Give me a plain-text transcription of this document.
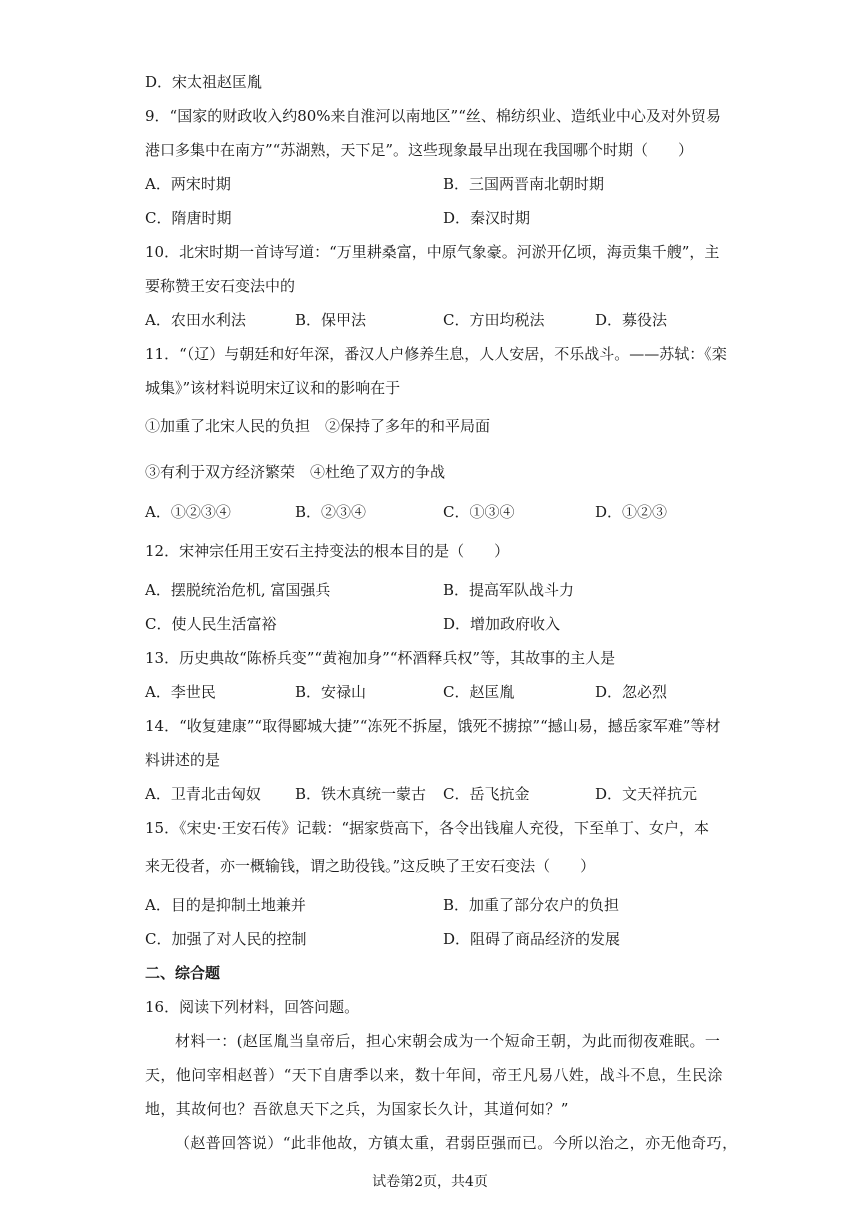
D．宋太祖赵匡胤
9．“国家的财政收入约80%来自淮河以南地区”“丝、棉纺织业、造纸业中心及对外贸易
港口多集中在南方”“苏湖熟，天下足”。这些现象最早出现在我国哪个时期（　　）
A．两宋时期	B．三国两晋南北朝时期
C．隋唐时期	D．秦汉时期
10．北宋时期一首诗写道：“万里耕桑富，中原气象豪。河淤开亿顷，海贡集千艘”，主
要称赞王安石变法中的
A．农田水利法	B．保甲法	C．方田均税法	D．募役法
11．“（辽）与朝廷和好年深，番汉人户修养生息，人人安居，不乐战斗。——苏轼：《栾
城集》”该材料说明宋辽议和的影响在于
①加重了北宋人民的负担　②保持了多年的和平局面
③有利于双方经济繁荣　④杜绝了双方的争战
A．①②③④	B．②③④	C．①③④	D．①②③
12．宋神宗任用王安石主持变法的根本目的是（　　）
A．摆脱统治危机, 富国强兵	B．提高军队战斗力
C．使人民生活富裕	D．增加政府收入
13．历史典故“陈桥兵变”“黄袍加身”“杯酒释兵权”等，其故事的主人是
A．李世民	B．安禄山	C．赵匡胤	D．忽必烈
14．“收复建康”“取得郾城大捷”“冻死不拆屋，饿死不掳掠”“撼山易，撼岳家军难”等材
料讲述的是
A．卫青北击匈奴 B．铁木真统一蒙古 C．岳飞抗金	D．文天祥抗元
15．《宋史·王安石传》记载：“据家赀高下，各令出钱雇人充役，下至单丁、女户，本
来无役者，亦一概输钱，谓之助役钱。”这反映了王安石变法（　　）
A．目的是抑制土地兼并	B．加重了部分农户的负担
C．加强了对人民的控制	D．阻碍了商品经济的发展
二、综合题
16．阅读下列材料，回答问题。
材料一：(赵匡胤当皇帝后，担心宋朝会成为一个短命王朝，为此而彻夜难眠。一
天，他问宰相赵普）“天下自唐季以来，数十年间，帝王凡易八姓，战斗不息，生民涂
地，其故何也？吾欲息天下之兵，为国家长久计，其道何如？”
（赵普回答说）“此非他故，方镇太重，君弱臣强而已。今所以治之，亦无他奇巧，
试卷第2页，共4页
